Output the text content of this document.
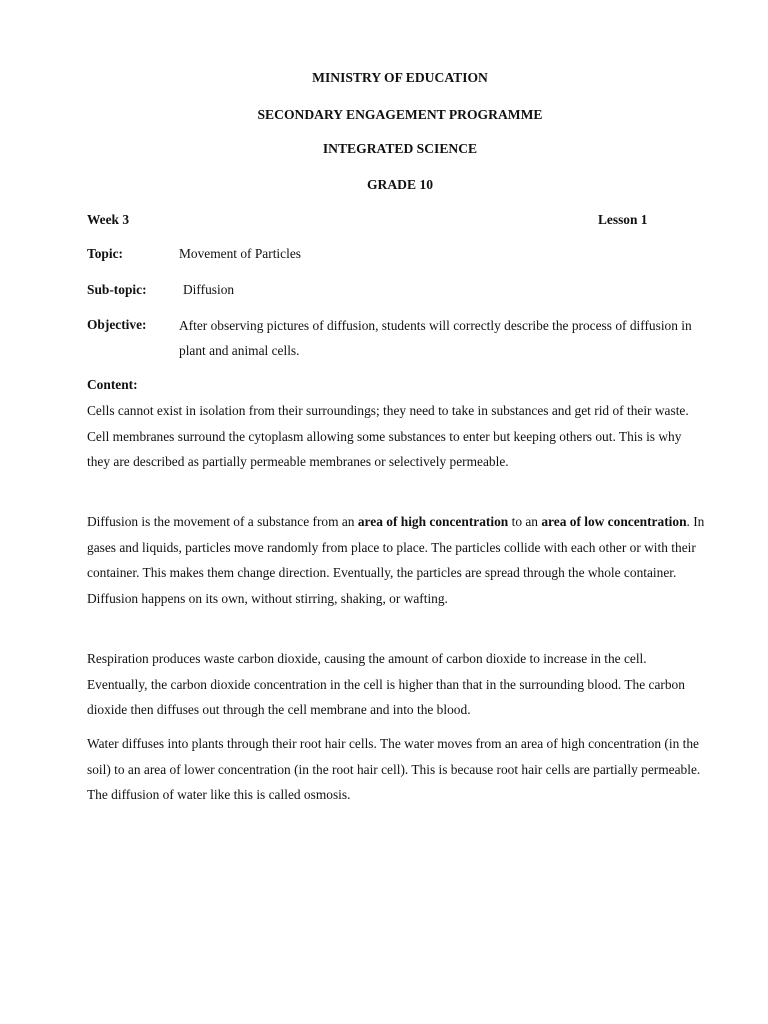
MINISTRY OF EDUCATION
SECONDARY ENGAGEMENT PROGRAMME
INTEGRATED SCIENCE
GRADE 10
Week 3	Lesson 1
Topic:	Movement of Particles
Sub-topic:	Diffusion
Objective: After observing pictures of diffusion, students will correctly describe the process of diffusion in plant and animal cells.
Content:
Cells cannot exist in isolation from their surroundings; they need to take in substances and get rid of their waste. Cell membranes surround the cytoplasm allowing some substances to enter but keeping others out. This is why they are described as partially permeable membranes or selectively permeable.
Diffusion is the movement of a substance from an area of high concentration to an area of low concentration. In gases and liquids, particles move randomly from place to place. The particles collide with each other or with their container. This makes them change direction. Eventually, the particles are spread through the whole container. Diffusion happens on its own, without stirring, shaking, or wafting.
Respiration produces waste carbon dioxide, causing the amount of carbon dioxide to increase in the cell. Eventually, the carbon dioxide concentration in the cell is higher than that in the surrounding blood. The carbon dioxide then diffuses out through the cell membrane and into the blood.
Water diffuses into plants through their root hair cells. The water moves from an area of high concentration (in the soil) to an area of lower concentration (in the root hair cell). This is because root hair cells are partially permeable. The diffusion of water like this is called osmosis.
